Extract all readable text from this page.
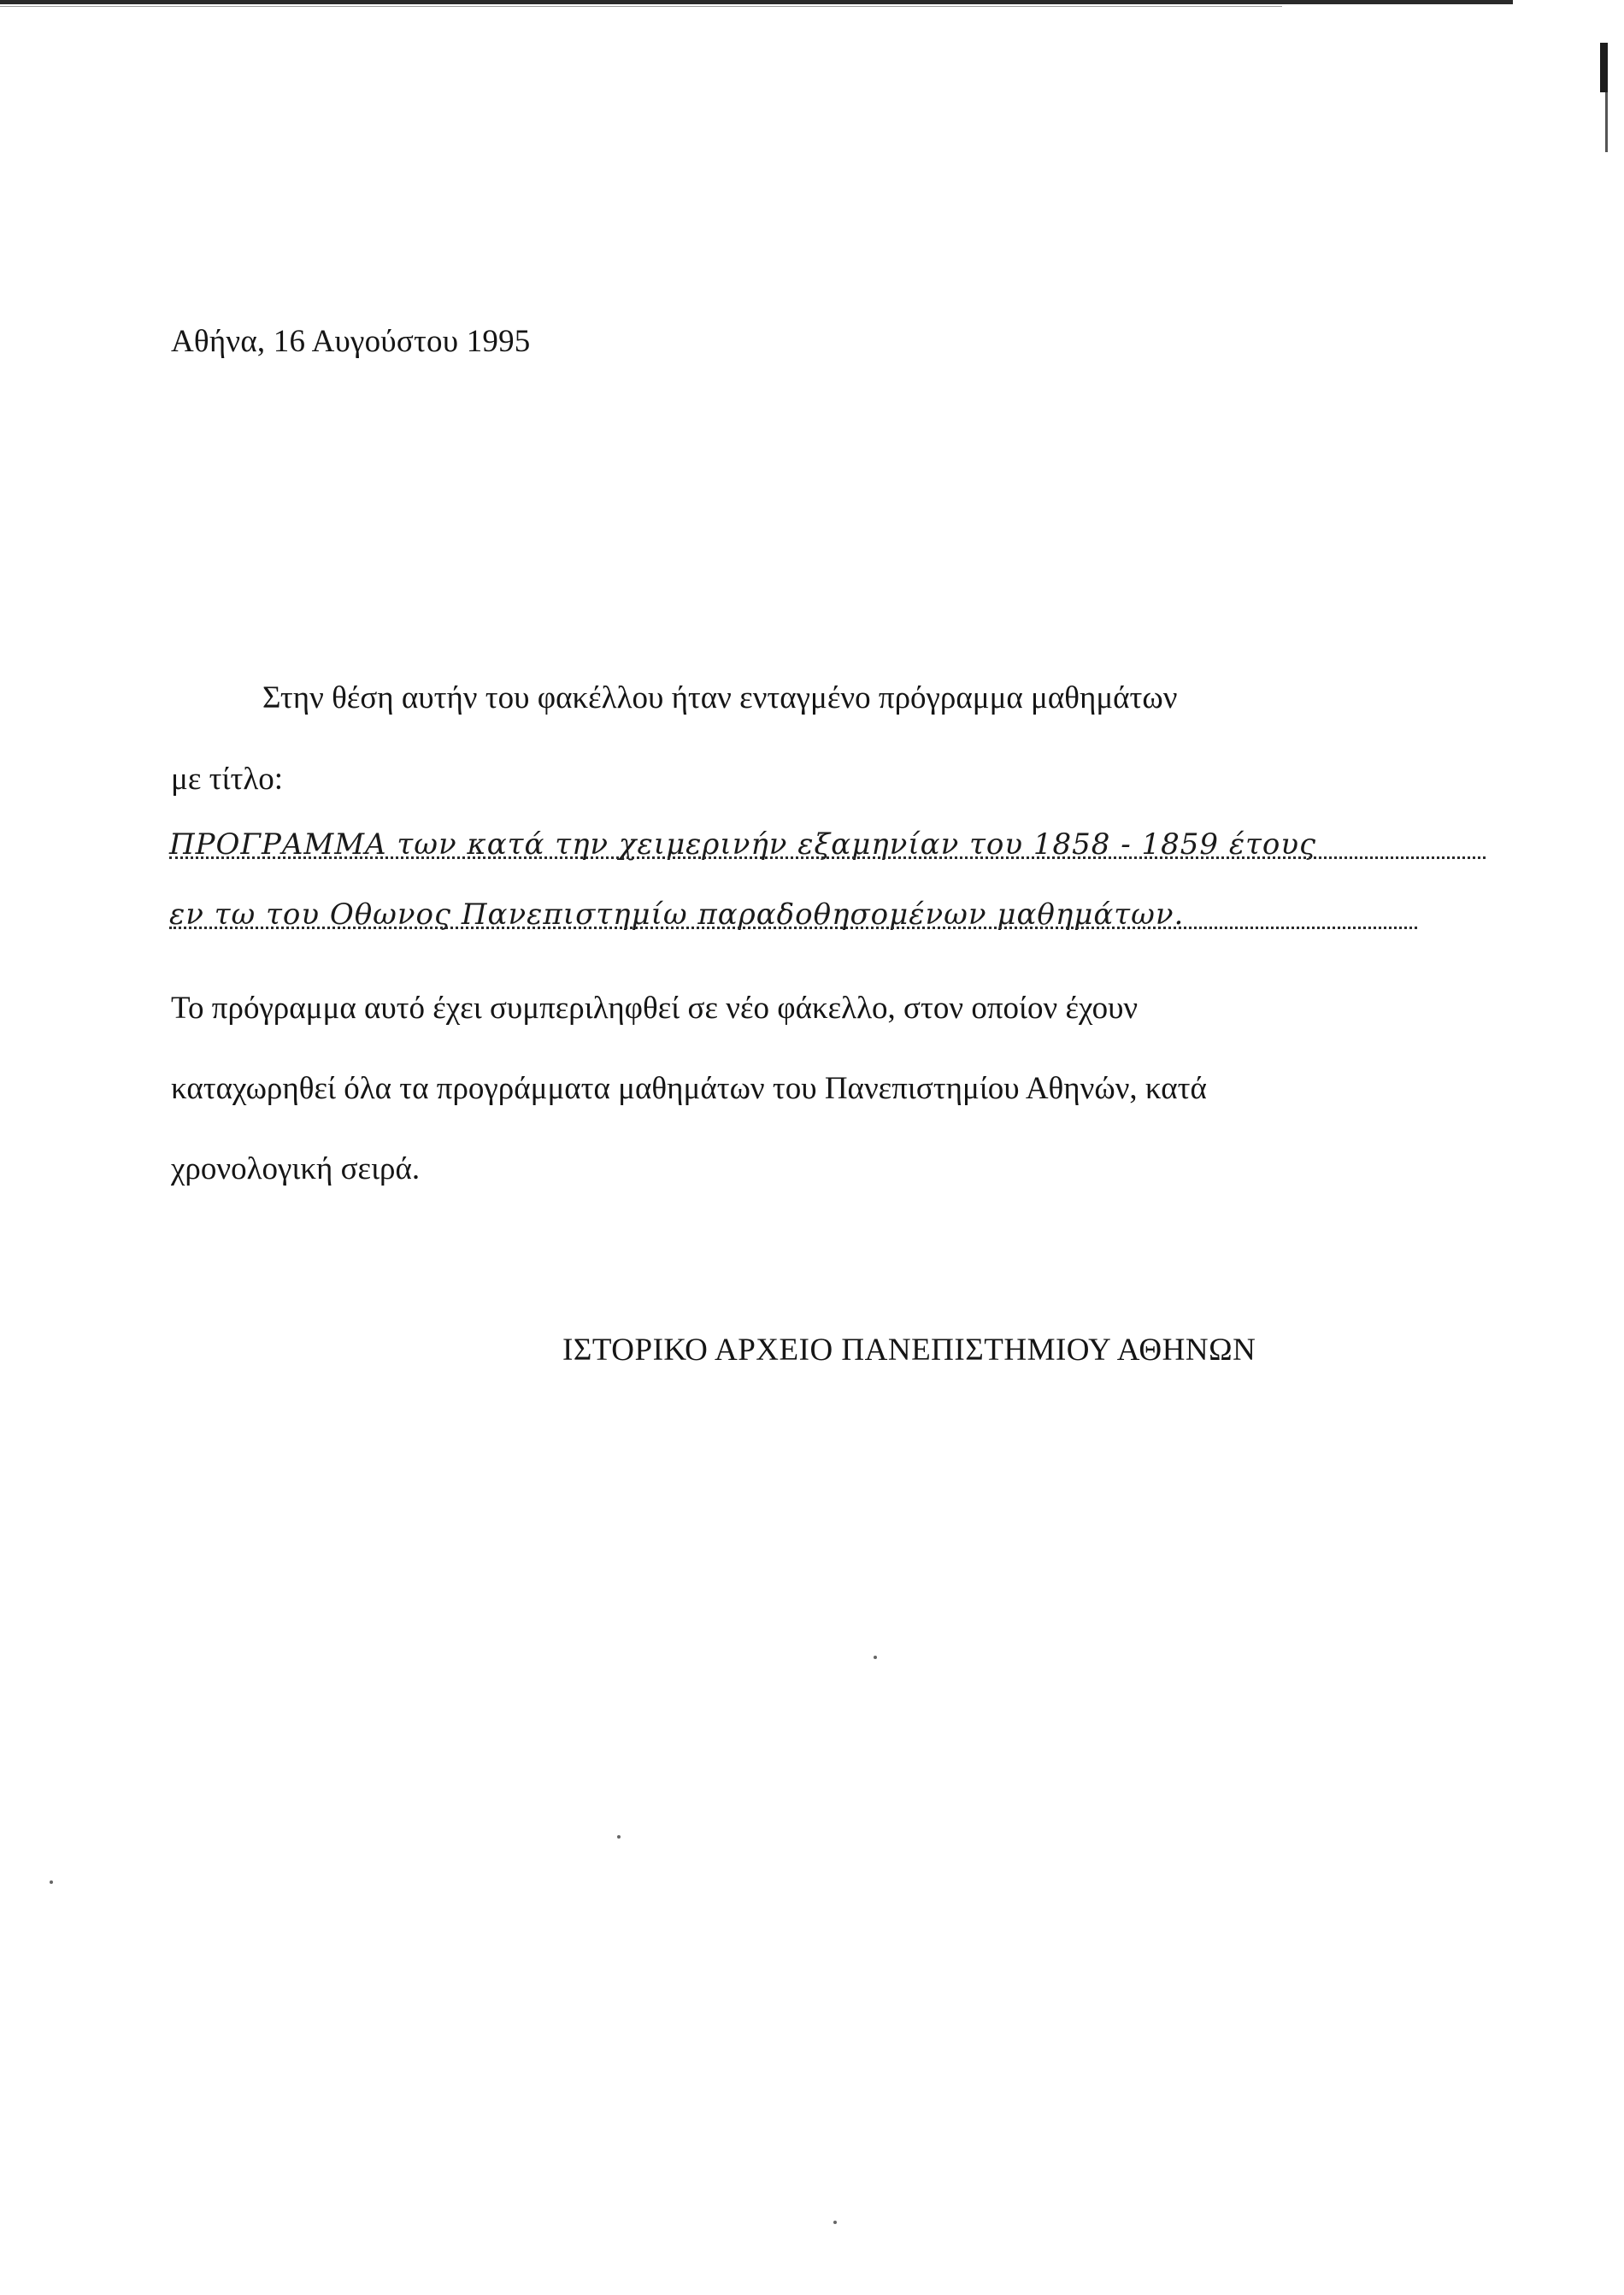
Αθήνα, 16 Αυγούστου 1995
Στην θέση αυτήν του φακέλλου ήταν ενταγμένο πρόγραμμα μαθημάτων
με τίτλο:
ΠΡΟΓΡΑΜΜΑ των κατά την χειμερινήν εξαμηνίαν του 1858 - 1859 έτους
εν τω του Οθωνος Πανεπιστημίω παραδοθησομένων μαθημάτων.
Το πρόγραμμα αυτό έχει συμπεριληφθεί σε νέο φάκελλο, στον οποίον έχουν
καταχωρηθεί όλα τα προγράμματα μαθημάτων του Πανεπιστημίου Αθηνών, κατά
χρονολογική σειρά.
ΙΣΤΟΡΙΚΟ ΑΡΧΕΙΟ ΠΑΝΕΠΙΣΤΗΜΙΟΥ ΑΘΗΝΩΝ
